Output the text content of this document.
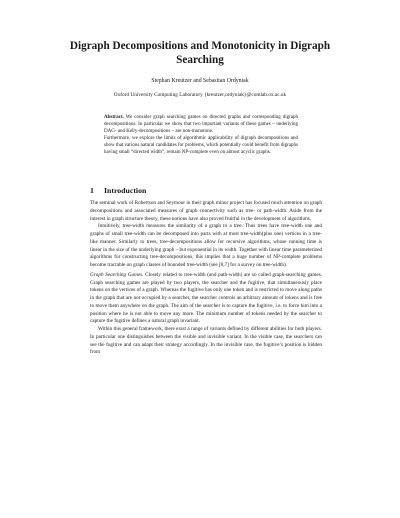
Digraph Decompositions and Monotonicity in Digraph Searching
Stephan Kreutzer and Sebastian Ordyniak
Oxford University Computing Laboratory {kreutzer,ordyniak}@comlab.ox.ac.uk

Abstract. We consider graph searching games on directed graphs and corresponding digraph decompositions. In particular we show that two important variants of these games – underlying DAG- and Kelly-decompositions – are non-monotone.

Furthermore, we explore the limits of algorithmic applicability of digraph decompositions and show that various natural candidates for problems, which potentially could benefit from digraphs having small “directed width”, remain NP-complete even on almost acyclic graphs.

1 Introduction

The seminal work of Robertson and Seymour in their graph minor project has focused much attention on graph decompositions and associated measures of graph connectivity such as tree- or path-width. Aside from the interest in graph structure theory, these notions have also proved fruitful in the development of algorithms.

Intuitively, tree-width measures the similarity of a graph to a tree. Thus trees have tree-width one and graphs of small tree-width can be decomposed into parts with at most tree-width(plus one) vertices in a tree-like manner. Similarly to trees, tree-decompositions allow for recursive algorithms, whose running time is linear in the size of the underlying graph – but exponential in its width. Together with linear time parameterized algorithms for constructing tree-decompositions, this implies that a huge number of NP-complete problems become tractable on graph classes of bounded tree-width (see [8,7] for a survey on tree-width).

Graph Searching Games. Closely related to tree-width (and path-width) are so called graph-searching games. Graph searching games are played by two players, the searcher and the fugitive, that simultaneously place tokens on the vertices of a graph. Whereas the fugitive has only one token and is restricted to move along paths in the graph that are not occupied by a searcher, the searcher controls an arbitrary amount of tokens and is free to move them anywhere on the graph. The aim of the searcher is to capture the fugitive, i.e. to force him into a position where he is not able to move any more. The minimum number of tokens needed by the searcher to capture the fugitive defines a natural graph invariant.

Within this general framework, there exist a range of variants defined by different abilities for both players. In particular one distinguishes between the visible and invisible variant. In the visible case, the searchers can see the fugitive and can adapt their strategy accordingly. In the invisible case, the fugitive’s position is hidden from
